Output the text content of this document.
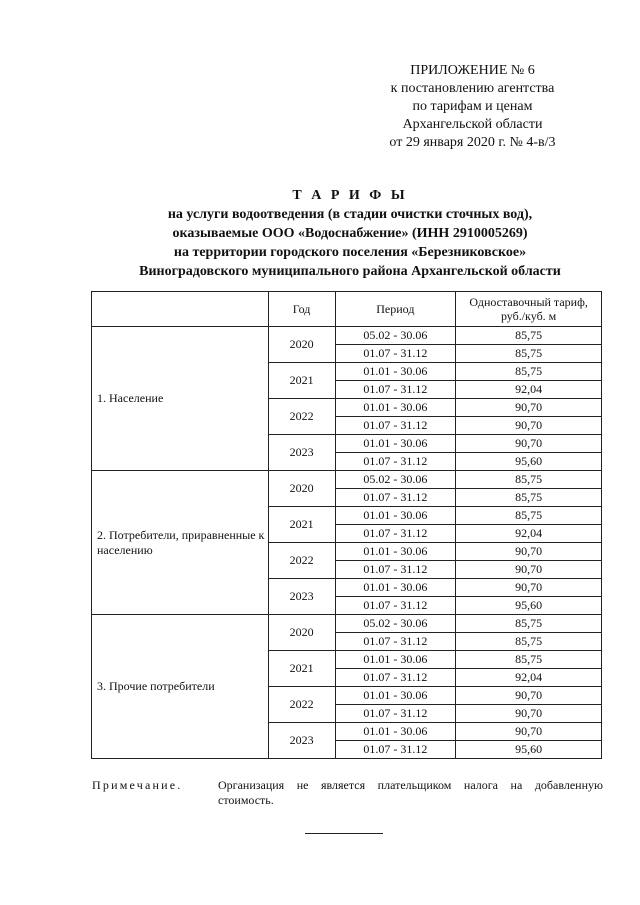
ПРИЛОЖЕНИЕ № 6
к постановлению агентства
по тарифам и ценам
Архангельской области
от 29 января 2020 г. № 4-в/3
Т А Р И Ф Ы
на услуги водоотведения (в стадии очистки сточных вод),
оказываемые ООО «Водоснабжение» (ИНН 2910005269)
на территории городского поселения «Березниковское»
Виноградовского муниципального района Архангельской области
	Год	Период	Одноставочный тариф, руб./куб. м
1. Население	2020	05.02 - 30.06	85,75
		01.07 - 31.12	85,75
	2021	01.01 - 30.06	85,75
		01.07 - 31.12	92,04
	2022	01.01 - 30.06	90,70
		01.07 - 31.12	90,70
	2023	01.01 - 30.06	90,70
		01.07 - 31.12	95,60
2. Потребители, приравненные к населению	2020	05.02 - 30.06	85,75
		01.07 - 31.12	85,75
	2021	01.01 - 30.06	85,75
		01.07 - 31.12	92,04
	2022	01.01 - 30.06	90,70
		01.07 - 31.12	90,70
	2023	01.01 - 30.06	90,70
		01.07 - 31.12	95,60
3. Прочие потребители	2020	05.02 - 30.06	85,75
		01.07 - 31.12	85,75
	2021	01.01 - 30.06	85,75
		01.07 - 31.12	92,04
	2022	01.01 - 30.06	90,70
		01.07 - 31.12	90,70
	2023	01.01 - 30.06	90,70
		01.07 - 31.12	95,60
Примечание.	Организация не является плательщиком налога на добавленную стоимость.
